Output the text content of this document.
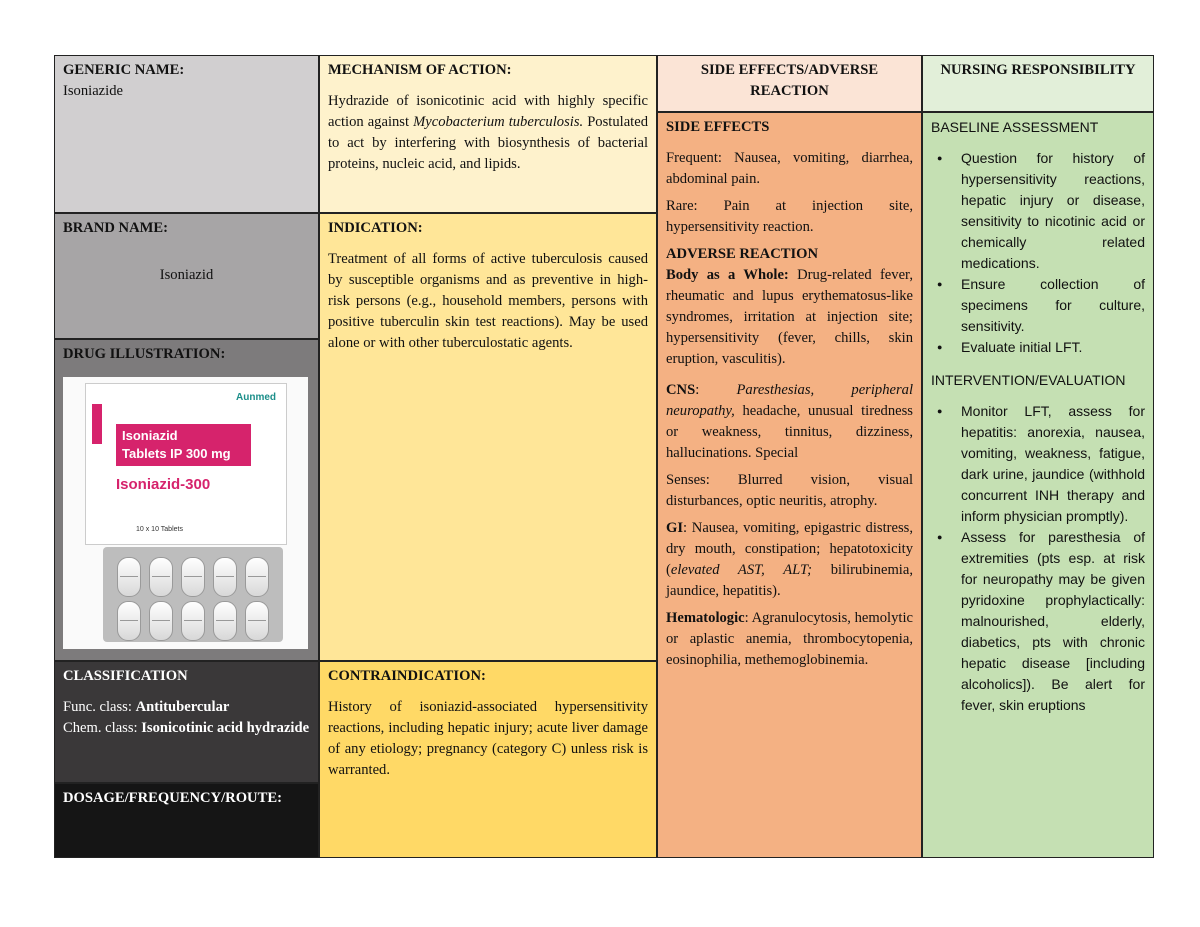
GENERIC NAME:
Isoniazide
BRAND NAME:
Isoniazid
DRUG ILLUSTRATION:
Aunmed
Isoniazid
Tablets IP 300 mg
Isoniazid-300
10 x 10 Tablets
CLASSIFICATION
Func. class: Antitubercular
Chem. class: Isonicotinic acid hydrazide
DOSAGE/FREQUENCY/ROUTE:
MECHANISM OF ACTION:

Hydrazide of isonicotinic acid with highly specific action against Mycobacterium tuberculosis. Postulated to act by interfering with biosynthesis of bacterial proteins, nucleic acid, and lipids.

INDICATION:

Treatment of all forms of active tuberculosis caused by susceptible organisms and as preventive in high-risk persons (e.g., household members, persons with positive tuberculin skin test reactions). May be used alone or with other tuberculostatic agents.

CONTRAINDICATION:

History of isoniazid-associated hypersensitivity reactions, including hepatic injury; acute liver damage of any etiology; pregnancy (category C) unless risk is warranted.

SIDE EFFECTS/ADVERSE REACTION
SIDE EFFECTS

Frequent: Nausea, vomiting, diarrhea, abdominal pain.

Rare: Pain at injection site, hypersensitivity reaction.

ADVERSE REACTION

Body as a Whole: Drug-related fever, rheumatic and lupus erythematosus-like syndromes, irritation at injection site; hypersensitivity (fever, chills, skin eruption, vasculitis).

CNS: Paresthesias, peripheral neuropathy, headache, unusual tiredness or weakness, tinnitus, dizziness, hallucinations. Special

Senses: Blurred vision, visual disturbances, optic neuritis, atrophy.

GI: Nausea, vomiting, epigastric distress, dry mouth, constipation; hepatotoxicity (elevated AST, ALT; bilirubinemia, jaundice, hepatitis).

Hematologic: Agranulocytosis, hemolytic or aplastic anemia, thrombocytopenia, eosinophilia, methemoglobinemia.

NURSING RESPONSIBILITY
BASELINE ASSESSMENT
● Question for history of hypersensitivity reactions, hepatic injury or disease, sensitivity to nicotinic acid or chemically related medications.
● Ensure collection of specimens for culture, sensitivity.
● Evaluate initial LFT.
INTERVENTION/EVALUATION
● Monitor LFT, assess for hepatitis: anorexia, nausea, vomiting, weakness, fatigue, dark urine, jaundice (withhold concurrent INH therapy and inform physician promptly).
● Assess for paresthesia of extremities (pts esp. at risk for neuropathy may be given pyridoxine prophylactically: malnourished, elderly, diabetics, pts with chronic hepatic disease [including alcoholics]). Be alert for fever, skin eruptions
